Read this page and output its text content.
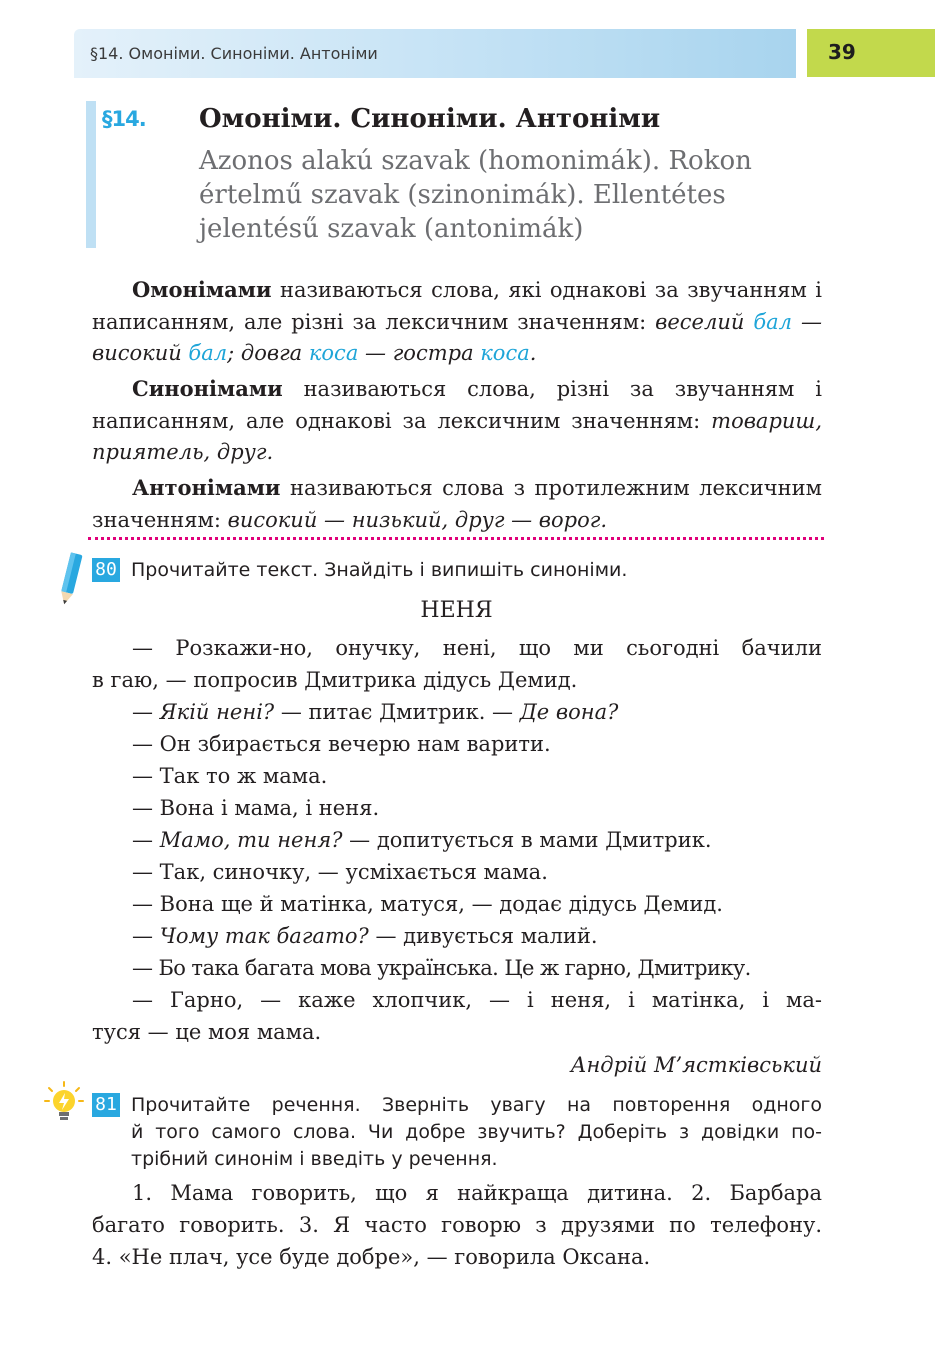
§14. Омоніми. Синоніми. Антоніми	39
§14. Омоніми. Синоніми. Антоніми
Azonos alakú szavak (homonimák). Rokon értelmű szavak (szinonimák). Ellentétes jelentésű szavak (antonimák)
Омонімами називаються слова, які однакові за звучанням і написанням, але різні за лексичним значенням: веселий бал — високий бал; довга коса — гостра коса.
Синонімами називаються слова, різні за звучанням і написанням, але однакові за лексичним значенням: товариш, приятель, друг.
Антонімами називаються слова з протилежним лексичним значенням: високий — низький, друг — ворог.
80 Прочитайте текст. Знайдіть і випишіть синоніми.
НЕНЯ
— Розкажи-но, онучку, нені, що ми сьогодні бачили
в гаю, — попросив Дмитрика дідусь Демид.
— Якій нені? — питає Дмитрик. — Де вона?
— Он збирається вечерю нам варити.
— Так то ж мама.
— Вона і мама, і неня.
— Мамо, ти неня? — допитується в мами Дмитрик.
— Так, синочку, — усміхається мама.
— Вона ще й матінка, матуся, — додає дідусь Демид.
— Чому так багато? — дивується малий.
— Бо така багата мова українська. Це ж гарно, Дмитрику.
— Гарно, — каже хлопчик, — і неня, і матінка, і ма-
туся — це моя мама.
Андрій М’ястківський
81 Прочитайте речення. Зверніть увагу на повторення одного
й того самого слова. Чи добре звучить? Доберіть з довідки по-
трібний синонім і введіть у речення.
1. Мама говорить, що я найкраща дитина. 2. Барбара
багато говорить. 3. Я часто говорю з друзями по телефону.
4. «Не плач, усе буде добре», — говорила Оксана.
